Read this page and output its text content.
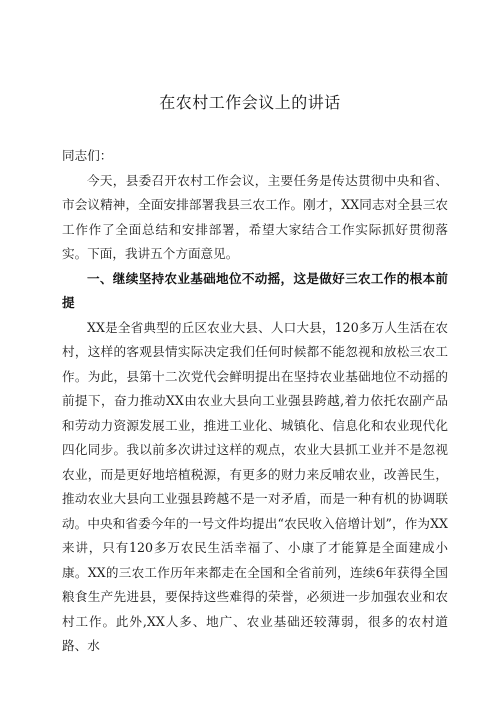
在农村工作会议上的讲话

同志们：

今天，县委召开农村工作会议，主要任务是传达贯彻中央和省、市会议精神，全面安排部署我县三农工作。刚才，XX同志对全县三农工作作了全面总结和安排部署，希望大家结合工作实际抓好贯彻落实。下面，我讲五个方面意见。

一、继续坚持农业基础地位不动摇，这是做好三农工作的根本前提

XX是全省典型的丘区农业大县、人口大县，120多万人生活在农村，这样的客观县情实际决定我们任何时候都不能忽视和放松三农工作。为此，县第十二次党代会鲜明提出在坚持农业基础地位不动摇的前提下，奋力推动XX由农业大县向工业强县跨越,着力依托农副产品和劳动力资源发展工业，推进工业化、城镇化、信息化和农业现代化四化同步。我以前多次讲过这样的观点，农业大县抓工业并不是忽视农业，而是更好地培植税源，有更多的财力来反哺农业，改善民生，推动农业大县向工业强县跨越不是一对矛盾，而是一种有机的协调联动。中央和省委今年的一号文件均提出“农民收入倍增计划”，作为XX来讲，只有120多万农民生活幸福了、小康了才能算是全面建成小康。XX的三农工作历年来都走在全国和全省前列，连续6年获得全国粮食生产先进县，要保持这些难得的荣誉，必须进一步加强农业和农村工作。此外,XX人多、地广、农业基础还较薄弱，很多的农村道路、水
